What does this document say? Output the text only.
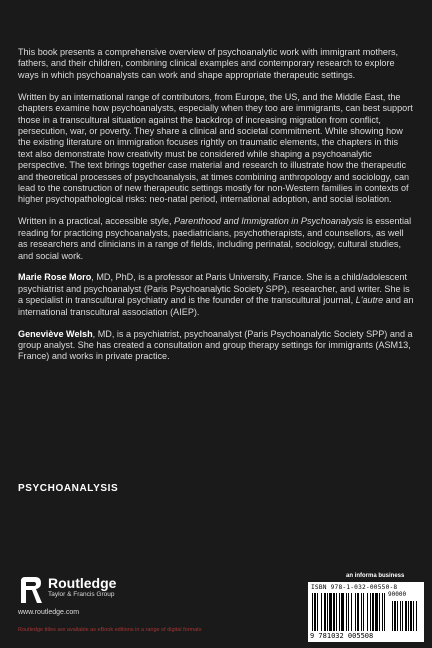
This book presents a comprehensive overview of psychoanalytic work with immigrant mothers, fathers, and their children, combining clinical examples and contemporary research to explore ways in which psychoanalysts can work and shape appropriate therapeutic settings.

Written by an international range of contributors, from Europe, the US, and the Middle East, the chapters examine how psychoanalysts, especially when they too are immigrants, can best support those in a transcultural situation against the backdrop of increasing migration from conflict, persecution, war, or poverty. They share a clinical and societal commitment. While showing how the existing literature on immigration focuses rightly on traumatic elements, the chapters in this text also demonstrate how creativity must be considered while shaping a psychoanalytic perspective. The text brings together case material and research to illustrate how the therapeutic and theoretical processes of psychoanalysis, at times combining anthropology and sociology, can lead to the construction of new therapeutic settings mostly for non-Western families in contexts of higher psychopathological risks: neo-natal period, international adoption, and social isolation.

Written in a practical, accessible style, Parenthood and Immigration in Psychoanalysis is essential reading for practicing psychoanalysts, paediatricians, psychotherapists, and counsellors, as well as researchers and clinicians in a range of fields, including perinatal, sociology, cultural studies, and social work.

Marie Rose Moro, MD, PhD, is a professor at Paris University, France. She is a child/adolescent psychiatrist and psychoanalyst (Paris Psychoanalytic Society SPP), researcher, and writer. She is a specialist in transcultural psychiatry and is the founder of the transcultural journal, L'autre and an international transcultural association (AIEP).

Geneviève Welsh, MD, is a psychiatrist, psychoanalyst (Paris Psychoanalytic Society SPP) and a group analyst. She has created a consultation and group therapy settings for immigrants (ASM13, France) and works in private practice.

PSYCHOANALYSIS
Routledge
Taylor & Francis Group
www.routledge.com
Routledge titles are available as eBook editions in a range of digital formats
an informa business
ISBN 978-1-032-00550-8
90000
9 781032 005508
